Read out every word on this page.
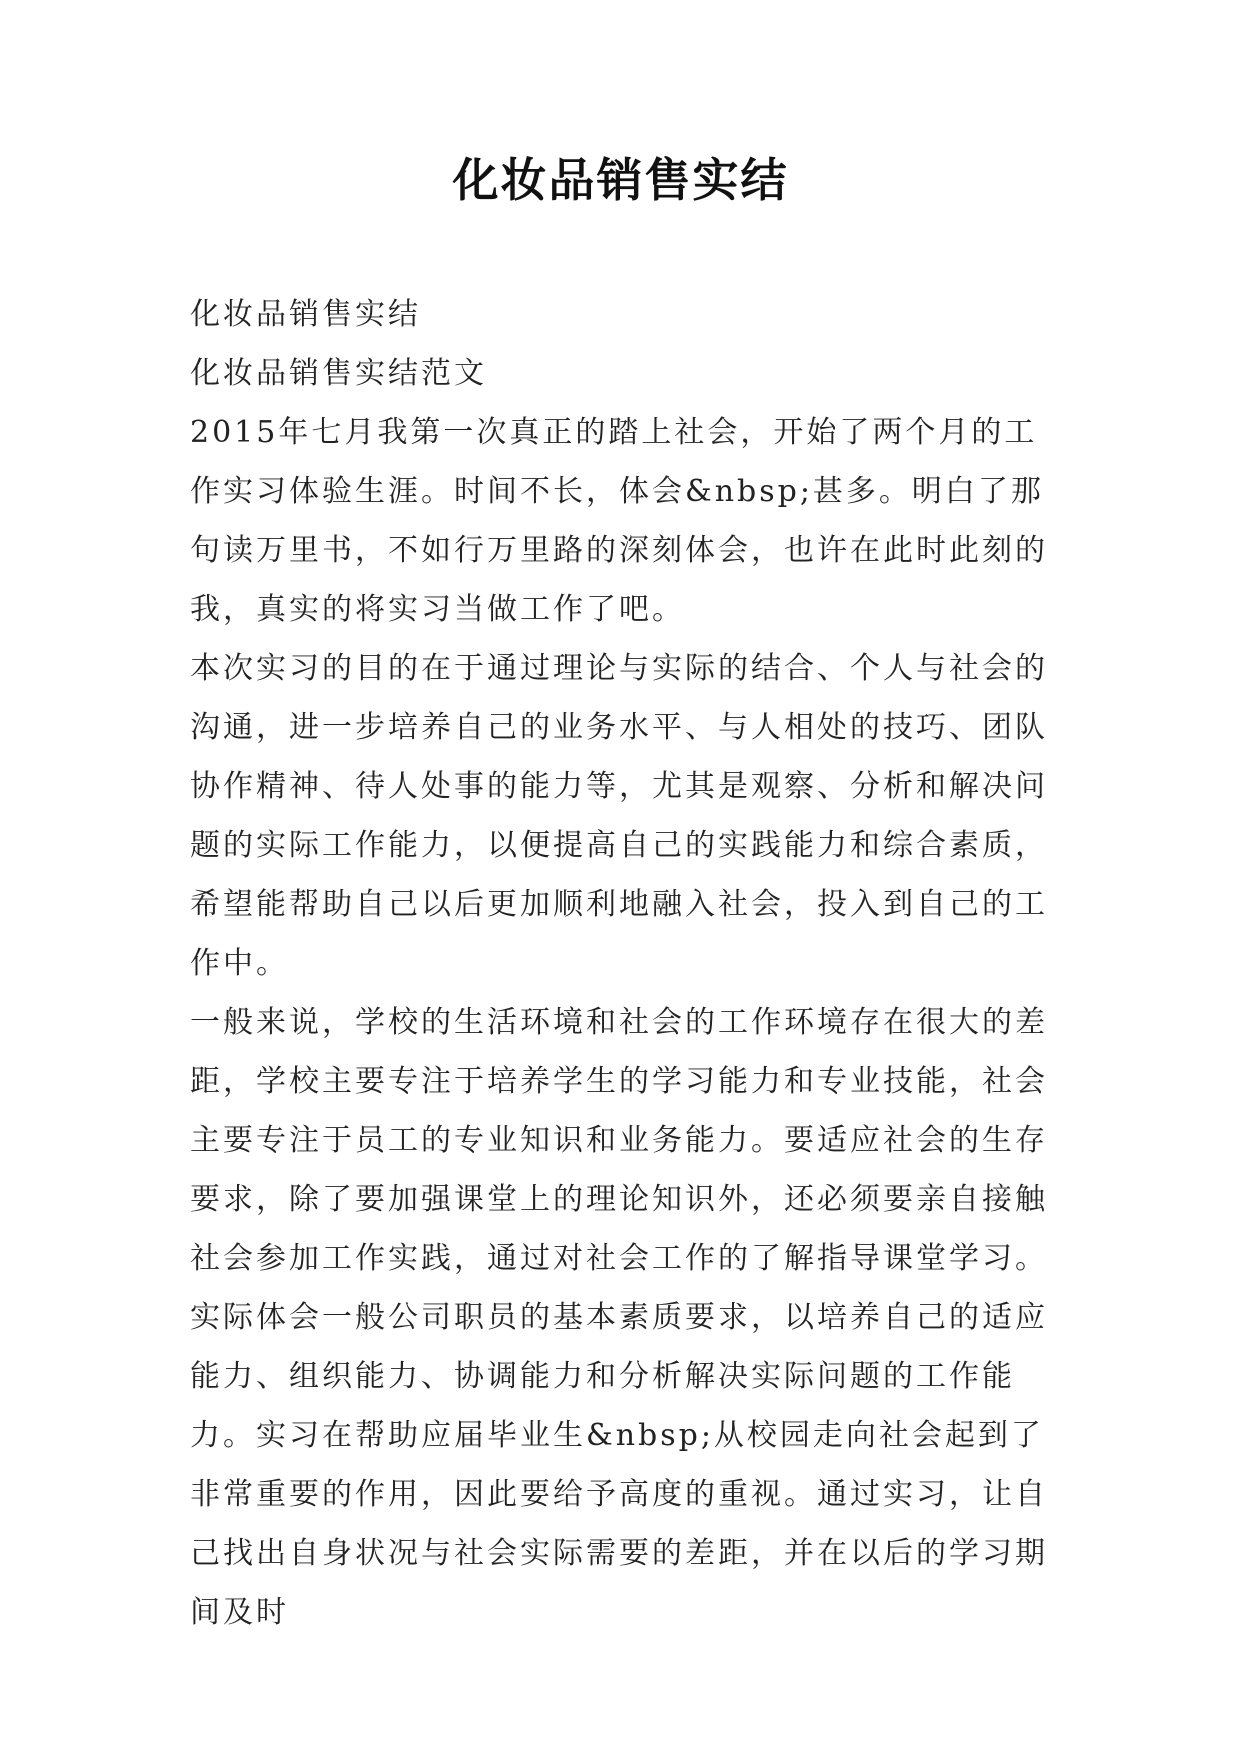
化妆品销售实结

化妆品销售实结

化妆品销售实结范文

2015年七月我第一次真正的踏上社会，开始了两个月的工作实习体验生涯。时间不长，体会&nbsp;甚多。明白了那句读万里书，不如行万里路的深刻体会，也许在此时此刻的我，真实的将实习当做工作了吧。

本次实习的目的在于通过理论与实际的结合、个人与社会的沟通，进一步培养自己的业务水平、与人相处的技巧、团队协作精神、待人处事的能力等，尤其是观察、分析和解决问题的实际工作能力，以便提高自己的实践能力和综合素质，希望能帮助自己以后更加顺利地融入社会，投入到自己的工作中。

一般来说，学校的生活环境和社会的工作环境存在很大的差距，学校主要专注于培养学生的学习能力和专业技能，社会主要专注于员工的专业知识和业务能力。要适应社会的生存要求，除了要加强课堂上的理论知识外，还必须要亲自接触社会参加工作实践，通过对社会工作的了解指导课堂学习。实际体会一般公司职员的基本素质要求，以培养自己的适应能力、组织能力、协调能力和分析解决实际问题的工作能力。实习在帮助应届毕业生&nbsp;从校园走向社会起到了非常重要的作用，因此要给予高度的重视。通过实习，让自己找出自身状况与社会实际需要的差距，并在以后的学习期间及时
